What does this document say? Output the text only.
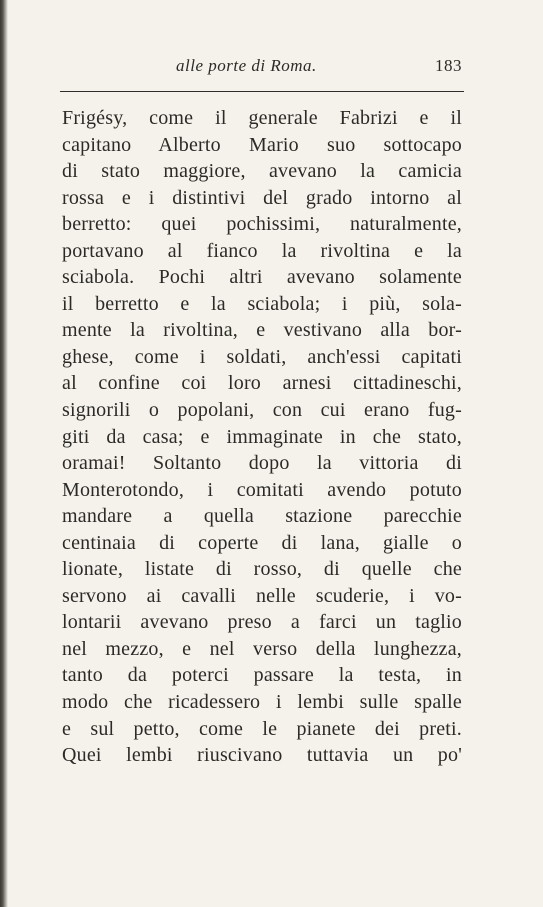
alle porte di Roma.	183
Frigésy, come il generale Fabrizi e il
capitano Alberto Mario suo sottocapo
di stato maggiore, avevano la camicia
rossa e i distintivi del grado intorno al
berretto: quei pochissimi, naturalmente,
portavano al fianco la rivoltina e la
sciabola. Pochi altri avevano solamente
il berretto e la sciabola; i più, sola-
mente la rivoltina, e vestivano alla bor-
ghese, come i soldati, anch'essi capitati
al confine coi loro arnesi cittadineschi,
signorili o popolani, con cui erano fug-
giti da casa; e immaginate in che stato,
oramai! Soltanto dopo la vittoria di
Monterotondo, i comitati avendo potuto
mandare a quella stazione parecchie
centinaia di coperte di lana, gialle o
lionate, listate di rosso, di quelle che
servono ai cavalli nelle scuderie, i vo-
lontarii avevano preso a farci un taglio
nel mezzo, e nel verso della lunghezza,
tanto da poterci passare la testa, in
modo che ricadessero i lembi sulle spalle
e sul petto, come le pianete dei preti.
Quei lembi riuscivano tuttavia un po'
